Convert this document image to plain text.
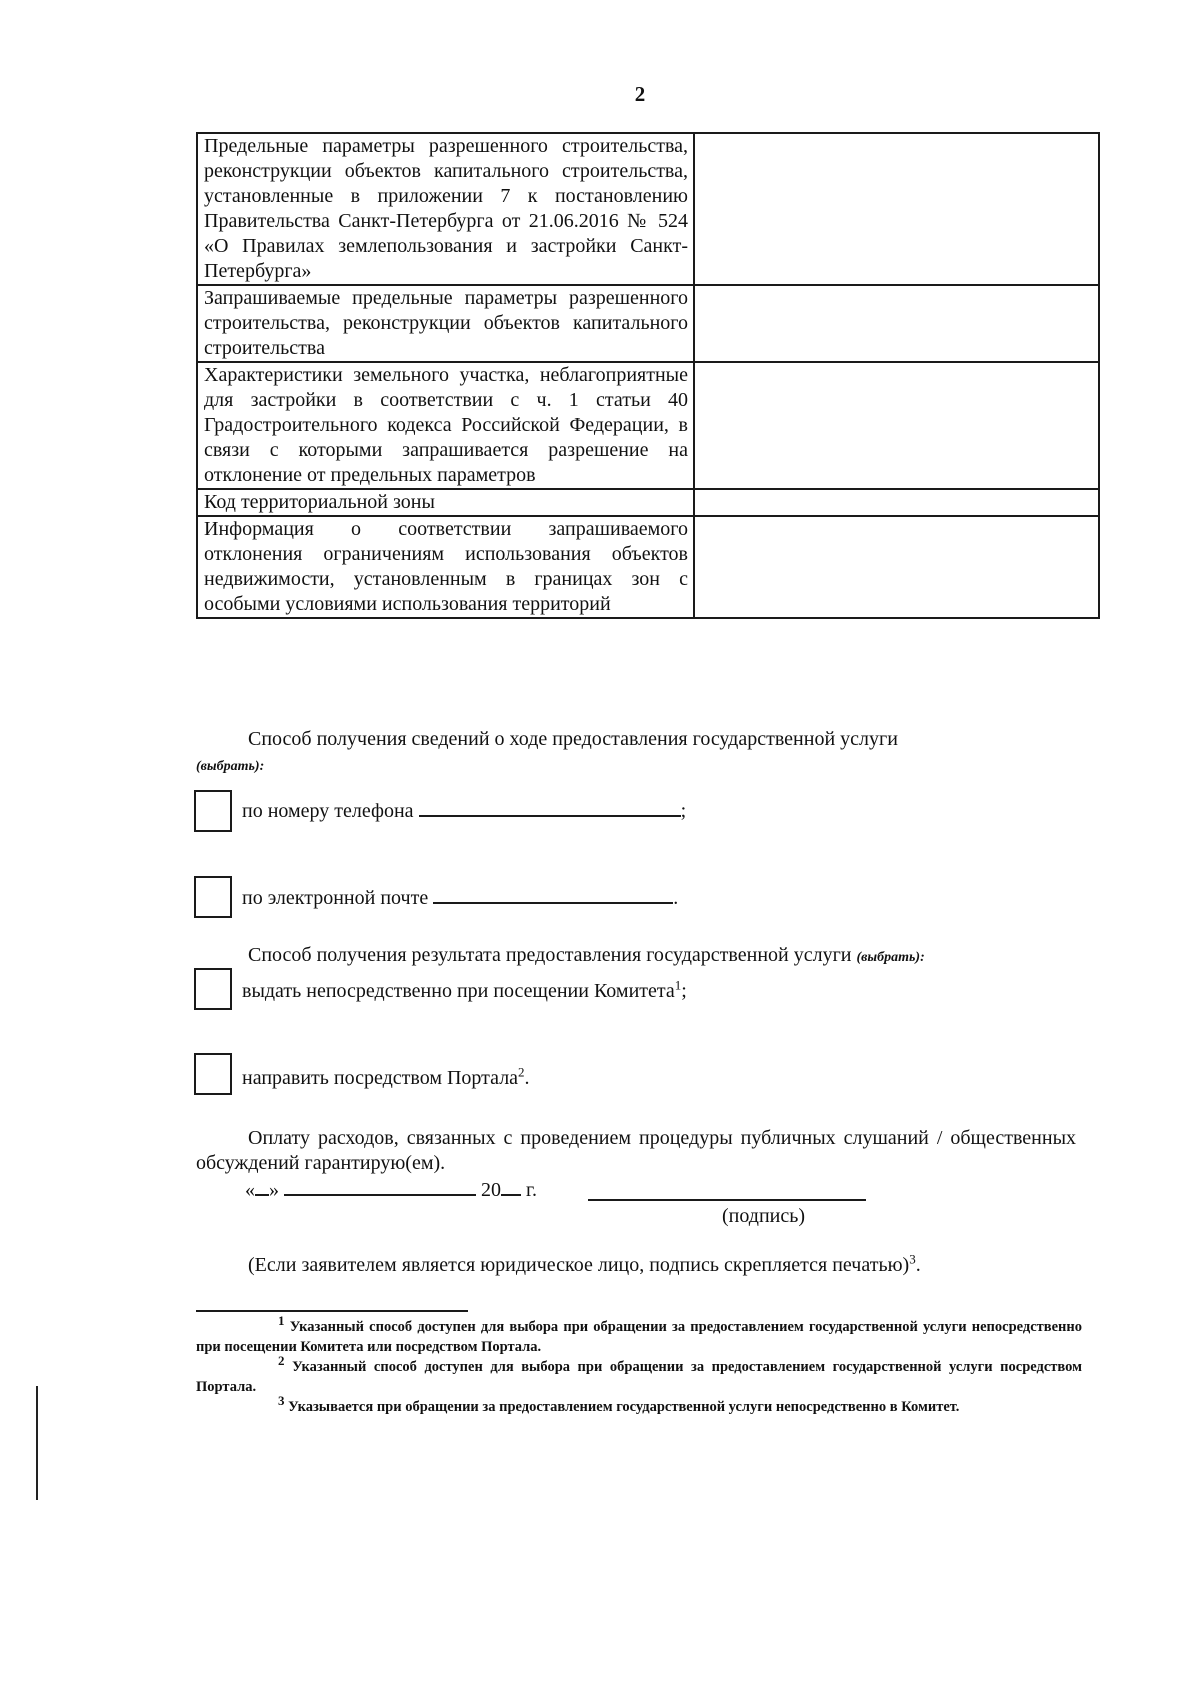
2
Предельные параметры разрешенного строительства, реконструкции объектов капитального строительства, установленные в приложении 7 к постановлению Правительства Санкт-Петербурга от 21.06.2016 № 524 «О Правилах землепользования и застройки Санкт-Петербурга»	
Запрашиваемые предельные параметры разрешенного строительства, реконструкции объектов капитального строительства	
Характеристики земельного участка, неблагоприятные для застройки в соответствии с ч. 1 статьи 40 Градостроительного кодекса Российской Федерации, в связи с которыми запрашивается разрешение на отклонение от предельных параметров	
Код территориальной зоны	
Информация о соответствии запрашиваемого отклонения ограничениям использования объектов недвижимости, установленным в границах зон с особыми условиями использования территорий	
Способ получения сведений о ходе предоставления государственной услуги
(выбрать):
по номеру телефона	;
по электронной почте	.
Способ получения результата предоставления государственной услуги (выбрать):
выдать непосредственно при посещении Комитета$^1$;
направить посредством Портала$^2$.
Оплату расходов, связанных с проведением процедуры публичных слушаний / общественных обсуждений гарантирую(ем).
« »	20 г.
(подпись)
(Если заявителем является юридическое лицо, подпись скрепляется печатью)$^3$.

1 Указанный способ доступен для выбора при обращении за предоставлением государственной услуги непосредственно при посещении Комитета или посредством Портала.

2 Указанный способ доступен для выбора при обращении за предоставлением государственной услуги посредством Портала.

3 Указывается при обращении за предоставлением государственной услуги непосредственно в Комитет.
